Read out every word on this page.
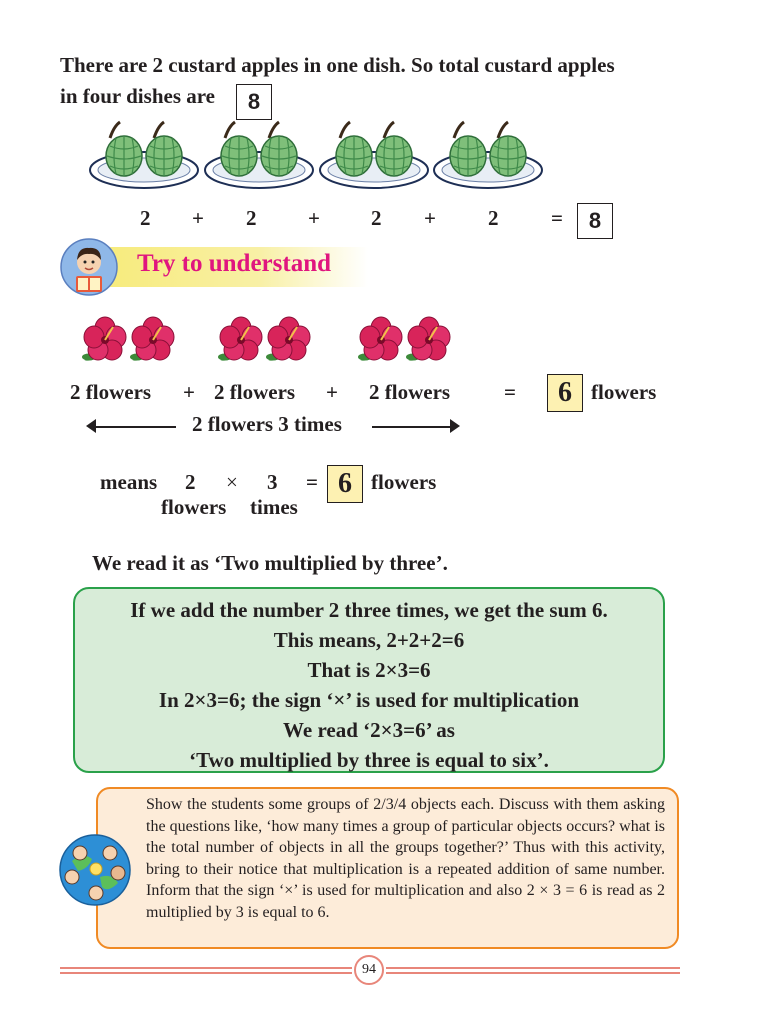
There are 2 custard apples in one dish. So total custard apples
in four dishes are	8
2 + 2 + 2 + 2	=	8
Try to understand
2 flowers + 2 flowers + 2 flowers	=	flowers
6
2 flowers 3 times
means 2 × 3 = 6 flowers
flowers times
We read it as ‘Two multiplied by three’.
If we add the number 2 three times, we get the sum 6.
This means, 2+2+2=6
That is 2×3=6
In 2×3=6; the sign ‘×’ is used for multiplication
We read ‘2×3=6’ as
‘Two multiplied by three is equal to six’.
Show the students some groups of 2/3/4 objects each. Discuss with them asking the questions like, ‘how many times a group of particular objects occurs? what is the total number of objects in all the groups together?’ Thus with this activity, bring to their notice that multiplication is a repeated addition of same number. Inform that the sign ‘×’ is used for multiplication and also 2 × 3 = 6 is read as 2 multiplied by 3 is equal to 6.
94
